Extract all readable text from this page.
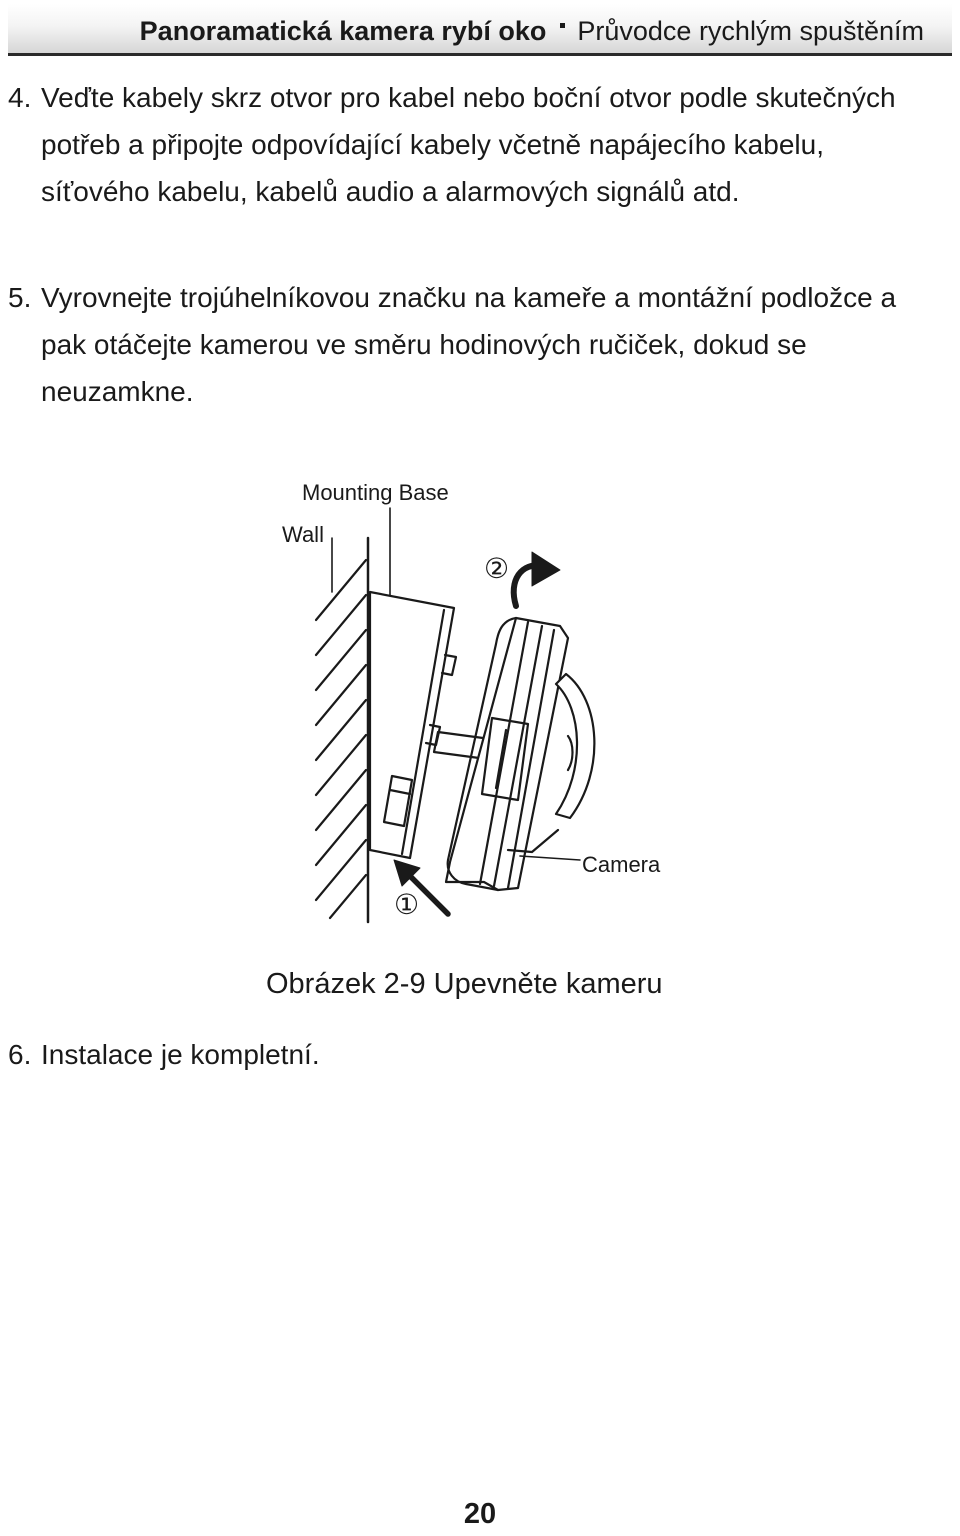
Panoramatická kamera rybí oko Průvodce rychlým spuštěním
4. Veďte kabely skrz otvor pro kabel nebo boční otvor podle skutečných potřeb a připojte odpovídající kabely včetně napájecího kabelu, síťového kabelu, kabelů audio a alarmových signálů atd.
5. Vyrovnejte trojúhelníkovou značku na kameře a montážní podložce a pak otáčejte kamerou ve směru hodinových ručiček, dokud se neuzamkne.
Mounting Base
Wall
Camera
①
②
Obrázek 2-9 Upevněte kameru
6. Instalace je kompletní.
20
